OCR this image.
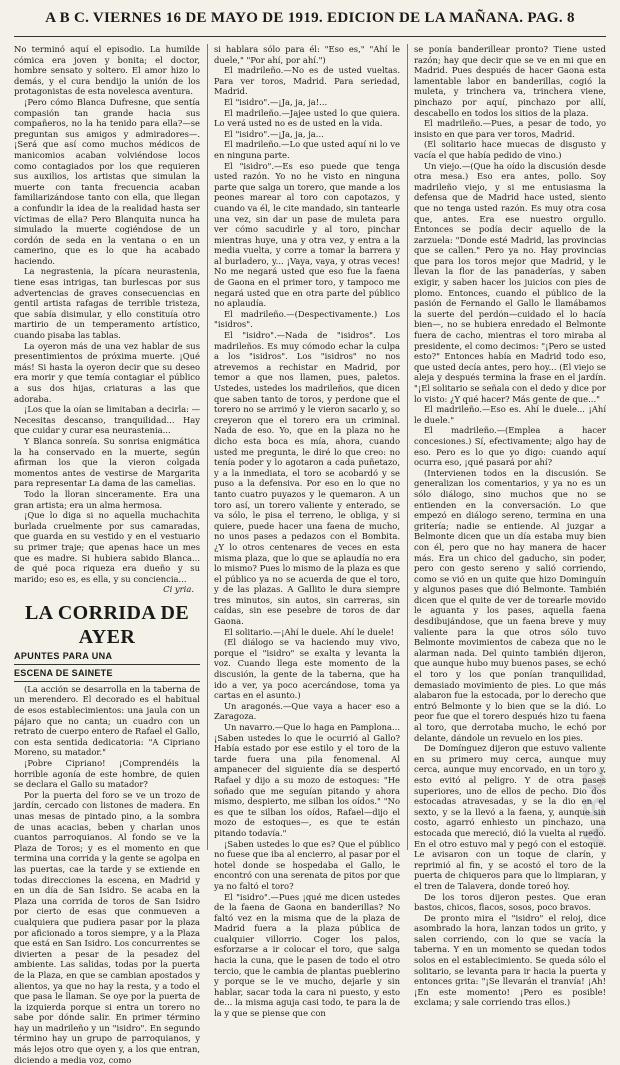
A B C. VIERNES 16 DE MAYO DE 1919. EDICION DE LA MAÑANA. PAG. 8

No terminó aquí el episodio. La humilde cómica era joven y bonita; el doctor, hombre sensato y soltero. El amor hizo lo demás, y el cura bendijo la unión de los protagonistas de esta novelesca aventura.

¡Pero cómo Blanca Dufresne, que sentía compasión tan grande hacia sus compañeros, no la ha tenido para ella?—se preguntan sus amigos y admiradores—. ¡Será que así como muchos médicos de manicomios acaban volviéndose locos como contagiados por los que requieren sus auxilios, los artistas que simulan la muerte con tanta frecuencia acaban familiarizándose tanto con ella, que llegan a confundir la idea de la realidad hasta ser víctimas de ella? Pero Blanquita nunca ha simulado la muerte cogiéndose de un cordón de seda en la ventana o en un camerino, que es lo que ha acabado haciendo.

La negrastenia, la pícara neurastenia, tiene esas intrigas, tan burlescas por sus advertencias de graves consecuencias en gentil artista rafagas de terrible tristeza, que sabía disimular, y ello constituía otro martirio de un temperamento artístico, cuando pisaba las tablas.

La oyeron más de una vez hablar de sus presentimientos de próxima muerte. ¡Qué más! Si hasta la oyeron decir que su deseo era morir y que temía contagiar el público a sus dos hijas, criaturas a las que adoraba.

¡Los que la oían se limitaban a decirla: —Necesitas descanso, tranquilidad... Hay que cuidar y curar esa neurastenia...

Y Blanca sonreía. Su sonrisa enigmática la ha conservado en la muerte, según afirman los que la vieron colgada momentos antes de vestirse de Margarita para representar La dama de las camelias.

Todo la lloran sinceramente. Era una gran artista; era un alma hermosa.

¡Que lo diga si no aquella muchachita burlada cruelmente por sus camaradas, que guarda en su vestido y en el vestuario su primer traje; que apenas hace un mes que es madre. Si hubiera sabido Blanca... de qué poca riqueza era dueño y su marido; eso es, es ella, y su conciencia...

Ci yria.

LA CORRIDA DE AYER
APUNTES PARA UNA
ESCENA DE SAINETE

(La acción se desarrolla en la taberna de un merendero. El decorado es el habitual de esos establecimientos: una jaula con un pájaro que no canta; un cuadro con un retrato de cuerpo entero de Rafael el Gallo, con esta sentida dedicatoria: "A Cipriano Moreno, su matador."

¡Pobre Cipriano! ¡Comprendéis la horrible agonía de este hombre, de quien se declara el Gallo su matador?

Por la puerta del foro se ve un trozo de jardín, cercado con listones de madera. En unas mesas de pintado pino, a la sombra de unas acacias, beben y charlan unos cuantos parroquianos. Al fondo se ve la Plaza de Toros; y es el momento en que termina una corrida y la gente se agolpa en las puertas, cae la tarde y se extiende en todas direcciones la escena, en Madrid y en un día de San Isidro. Se acaba en la Plaza una corrida de toros de San Isidro por cierto de esas que conmueven a cualquiera que pudiera pasar por la plaza por aficionado a toros siempre, y a la Plaza que está en San Isidro. Los concurrentes se divierten a pesar de la pesadez del ambiente. Las salidas, todas por la puerta de la Plaza, en que se cambian apostados y alientos, ya que no hay la resta, y a todo el que pasa le llaman. Se oye por la puerta de la izquierda porque si entra un torero no sabe por dónde salir. En primer término hay un madrileño y un "isidro". En segundo término hay un grupo de parroquianos, y más lejos otro que oyen y, a los que entran, diciendo a media voz, como

si hablara sólo para él: "Eso es," "Ahí le duele," "Por ahí, por ahí.")

El madrileño.—No es de usted vueltas. Para ver toros, Madrid. Para seriedad, Madrid.

El "isidro".—¡Ja, ja, ja!...

El madrileño.—Jajee usted lo que quiera. Lo verá usted no es de usted en la vida.

El "isidro".—¡Ja, ja, ja...

El madrileño.—Lo que usted aquí ni lo ve en ninguna parte.

El "isidro".—Es eso puede que tenga usted razón. Yo no he visto en ninguna parte que salga un torero, que mande a los peones marear al toro con capotazos, y cuando va él, le cite mandado, sin tantearle una vez, sin dar un pase de muleta para ver cómo sacudirle y al toro, pinchar mientras huye, una y otra vez, y entra a la media vuelta, y corre a tomar la barrera y al burladero, y... ¡Vaya, vaya, y otras veces! No me negará usted que eso fue la faena de Gaona en el primer toro, y tampoco me negará usted que en otra parte del público no aplaudía.

El madrileño.—(Despectivamente.) Los "isidros".

El "isidro".—Nada de "isidros". Los madrileños. Es muy cómodo echar la culpa a los "isidros". Los "isidros" no nos atrevemos a rechistar en Madrid, por temor a que nos llamen, pues, paletos. Ustedes, ustedes los madrileños, que dicen que saben tanto de toros, y perdone que el torero no se arrimó y le vieron sacarlo y, so creyeron que el torero era un criminal. Nada de eso. Yo, que en la plaza no he dicho esta boca es mía, ahora, cuando usted me pregunta, le diré lo que creo: no tenía poder y lo agotaron a cada puñetazo, y a la inmediata, el toro se acobardó y se puso a la defensiva. Por eso en lo que no tanto cuatro puyazos y le quemaron. A un toro así, un torero valiente y enterado, se va sólo, le pisa el terreno, le obliga, y si quiere, puede hacer una faena de mucho, no unos pases a pedazos con el Bombita. ¿Y lo otros centenares de veces en esta misma plaza, que lo que se aplaudía no era lo mismo? Pues lo mismo de la plaza es que el público ya no se acuerda de que el toro, y de las plazas. A Gallito le dura siempre tres minutos, sin autos, sin carreras, sin caídas, sin ese pesebre de toros de dar Gaona.

El solitario.—¡Ahí le duele. Ahí le duele!

(El diálogo se va haciendo muy vivo, porque el "isidro" se exalta y levanta la voz. Cuando llega este momento de la discusión, la gente de la taberna, que ha ido a ver, ya poco acercándose, toma ya cartas en el asunto.)

Un aragonés.—Que vaya a hacer eso a Zaragoza.

Un navarro.—Que lo haga en Pamplona... ¡Saben ustedes lo que le ocurrió al Gallo? Había estado por ese estilo y el toro de la tarde fuera una pila fenomenal. Al ampanecer del siguiente día se despertó Rafael y dijo a su mozo de estoques: "He soñado que me seguían pitando y ahora mismo, despierto, me silban los oídos." "No es que te silban los oídos, Rafael—dijo el mozo de estoques—, es que te están pitando todavía."

¡Saben ustedes lo que es? Que el público no fuese que iba al encierro, al pasar por el hotel donde se hospedaba el Gallo, le encontró con una serenata de pitos por que ya no faltó el toro?

El "isidro".—Pues ¡qué me dicen ustedes de la faena de Gaona en banderillas? No faltó vez en la misma que de la plaza de Madrid fuera a la plaza pública de cualquier villorrio. Coger los palos, esforzarse a ir colocar el toro, que salga hacia la cuna, que le pasen de todo el otro tercio, que le cambia de plantas pueblerino y porque se le ve mucho, dejarle y sin hablar, sacar toda la cara ni puesto, y esto de... la misma aguja casi todo, te para la de la y que se piense que con

se ponía banderillear pronto? Tiene usted razón; hay que decir que se ve en mi que en Madrid. Pues después de hacer Gaona esta lamentable labor en banderillas, cogió la muleta, y trinchera va, trinchera viene, pinchazo por aquí, pinchazo por allí, descabello en todos los sitios de la plaza.

El madrileño.—Pues, a pesar de todo, yo insisto en que para ver toros, Madrid.

(El solitario hace muecas de disgusto y vacía el que había pedido de vino.)

Un viejo.—(Que ha oído la discusión desde otra mesa.) Eso era antes, pollo. Soy madrileño viejo, y si me entusiasma la defensa que de Madrid hace usted, siento que no tenga usted razón. Es muy otra cosa que, antes. Era ese nuestro orgullo. Entonces se podía decir aquello de la zarzuela: "Donde esté Madrid, las provincias que se callen." Pero ya no. Hay provincias que para los toros mejor que Madrid, y le llevan la flor de las panaderías, y saben exigir, y saben hacer los juicios con pies de plomo. Entonces, cuando el público de la pasión de Fernando el Gallo le llamábamos la suerte del perdón—cuidado el lo hacía bien—, no se hubiera enredado el Belmonte fuera de cacho, mientras el toro miraba al presidente, el como decimos: "¡Pero se usted esto?" Entonces había en Madrid todo eso, que usted decía antes, pero hoy... (El viejo se aleja y después termina la frase en el jardín. "¡El solitario se señala con el dedo y dice por lo visto: ¿Y qué hacer? Más gente de que..."

El madrileño.—Eso es. Ahí le duele... ¡Ahí le duele."

El madrileño.—(Emplea a hacer concesiones.) Sí, efectivamente; algo hay de eso. Pero es lo que yo digo: cuando aquí ocurra eso, ¡qué pasará por ahí?

(Intervienen todos en la discusión. Se generalizan los comentarios, y ya no es un sólo diálogo, sino muchos que no se entienden en la conversación. Lo que empezó en diálogo sereno, termina en una gritería; nadie se entiende. Al juzgar a Belmonte dicen que un día estaba muy bien con él, pero que no hay manera de hacer más. Era un chico del gaducho, sin poder, pero con gesto sereno y salió corriendo, como se vió en un quite que hizo Dominguín y algunos pases que dió Belmonte. También dicen que el quite de ver de torearle movido le aguanta y los pases, aquella faena desdibujándose, que un faena breve y muy valiente para la que otros sólo tuvo Belmonte movimientos de cabeza que no le alarman nada. Del quinto también dijeron, que aunque hubo muy buenos pases, se echó el toro y los que ponían tranquilidad, demasiado movimiento de pies. Lo que más alabaron fue la estocada, por lo derecho que entró Belmonte y lo bien que se la dió. Lo peor fue que el torero después hizo tu faena al toro, que derrotaba mucho, le echó por delante, dándole un revuelo en los pies.

De Domínguez dijeron que estuvo valiente en su primero muy cerca, aunque muy cerca, aunque muy encorvado, en un toro y, esto evitó al peligro. Y de otra pases superiores, uno de ellos de pecho. Dio dos estocadas atravesadas, y se la dio en el sexto, y se la llevó a la faena, y, aunque sin costo, agarró enhiesto un pinchazo, una estocada que mereció, dió la vuelta al ruedo. En el otro estuvo mal y pegó con el estoque. Le avisaron con un toque de clarín, y reprimió al fin, y se acostó el toro de la puerta de chiqueros para que lo limpiaran, y el tren de Talavera, donde toreó hoy.

De los toros dijeron pestes. Que eran bastos, chicos, flacos, sosos, poco bravos.

De pronto mira el "isidro" el reloj, dice asombrado la hora, lanzan todos un grito, y salen corriendo, con lo que se vacía la taberna. Y en un momento se quedan todos solos en el establecimiento. Se queda sólo el solitario, se levanta para ir hacia la puerta y entonces grita: "¡Se llevarán el tranvía! ¡Ah! ¡En este momento! ¡Pero es posible! exclama; y sale corriendo tras ellos.)

ABC
